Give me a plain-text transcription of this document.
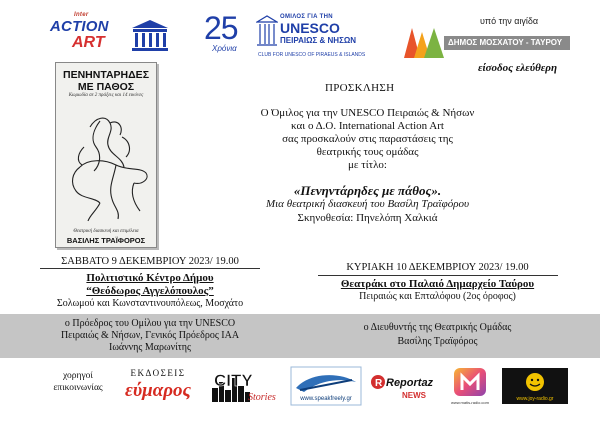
Inter
ACTION
ART	25
Χρόνια
ΟΜΙΛΟΣ ΓΙΑ ΤΗΝ
UNESCO
ΠΕΙΡΑΙΩΣ & ΝΗΣΩΝ
CLUB FOR UNESCO OF PIRAEUS & ISLANDS
υπό την αιγίδα
ΔΗΜΟΣ ΜΟΣΧΑΤΟΥ - ΤΑΥΡΟΥ
είσοδος ελεύθερη
ΠΕΝΗΝΤΑΡΗΔΕΣ
ΜΕ ΠΑΘΟΣ
Κωμωδία σε 2 πράξεις και 14 εικόνες
Θεατρική διασκευή και επιμέλεια
ΒΑΣΙΛΗΣ ΤΡΑΪΦΟΡΟΣ
ΠΡΟΣΚΛΗΣΗ
Ο Όμιλος για την UNESCO Πειραιώς & Νήσων
και ο Δ.Ο. International Action Art
σας προσκαλούν στις παραστάσεις της
θεατρικής τους ομάδας
με τίτλο:
«Πενηντάρηδες με πάθος».
Μια θεατρική διασκευή του Βασίλη Τραϊφόρου
Σκηνοθεσία: Πηνελόπη Χαλκιά
ΣΑΒΒΑΤΟ 9 ΔΕΚΕΜΒΡΙΟΥ 2023/ 19.00
Πολιτιστικό Κέντρο Δήμου
“Θεόδωρος Αγγελόπουλος”
Σολωμού και Κωνσταντινουπόλεως, Μοσχάτο
ΚΥΡΙΑΚΗ 10 ΔΕΚΕΜΒΡΙΟΥ 2023/ 19.00
Θεατράκι στο Παλαιό Δημαρχείο Ταύρου
Πειραιώς και Επταλόφου (2ος όροφος)
ο Πρόεδρος του Ομίλου για την UNESCO
Πειραιώς & Νήσων, Γενικός Πρόεδρος ΙΑΑ
Ιωάννης Μαρωνίτης
ο Διευθυντής της Θεατρικής Ομάδας
Βασίλης Τραϊφόρος
χορηγοί
επικοινωνίας
ΕΚΔΟΣΕΙΣ
εύμαρος	CITY
Stories	www.speakfreely.gr
R Reportaz
NEWS
www.matis-radio.com
www.joy-radio.gr
